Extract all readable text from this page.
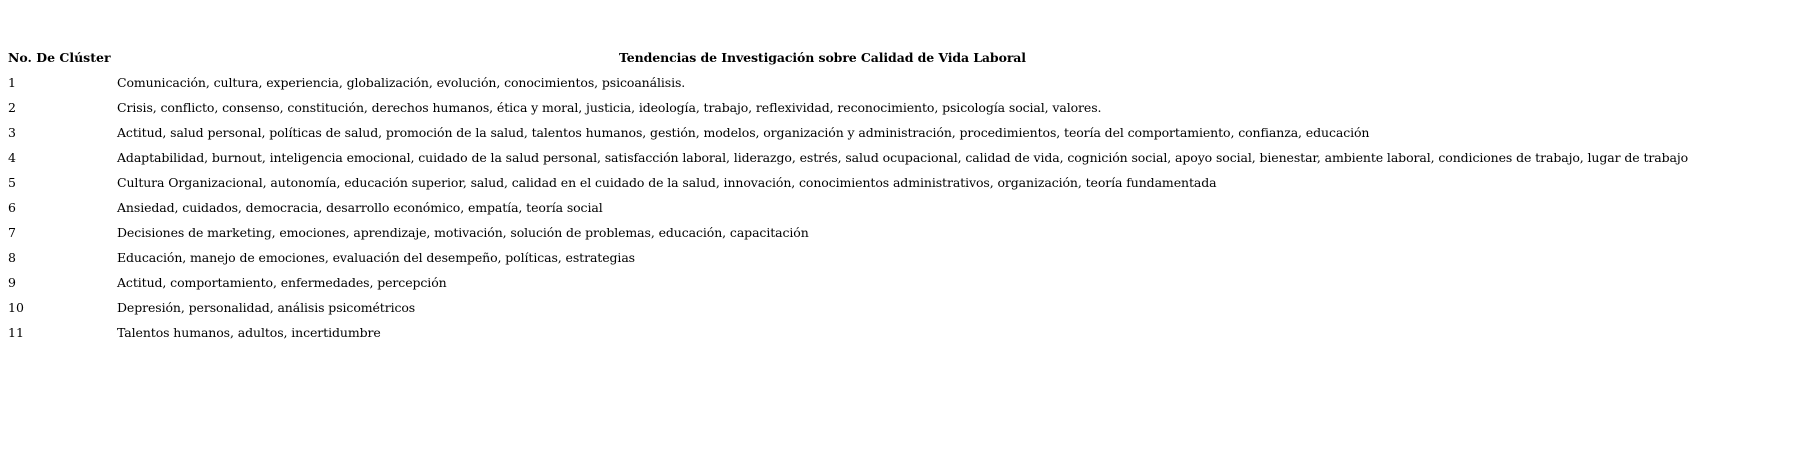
No. De Clúster	Tendencias de Investigación sobre Calidad de Vida Laboral
1	Comunicación, cultura, experiencia, globalización, evolución, conocimientos, psicoanálisis.
2	Crisis, conflicto, consenso, constitución, derechos humanos, ética y moral, justicia, ideología, trabajo, reflexividad, reconocimiento, psicología social, valores.
3	Actitud, salud personal, políticas de salud, promoción de la salud, talentos humanos, gestión, modelos, organización y administración, procedimientos, teoría del comportamiento, confianza, educación
4	Adaptabilidad, burnout, inteligencia emocional, cuidado de la salud personal, satisfacción laboral, liderazgo, estrés, salud ocupacional, calidad de vida, cognición social, apoyo social, bienestar, ambiente laboral, condiciones de trabajo, lugar de trabajo
5	Cultura Organizacional, autonomía, educación superior, salud, calidad en el cuidado de la salud, innovación, conocimientos administrativos, organización, teoría fundamentada
6	Ansiedad, cuidados, democracia, desarrollo económico, empatía, teoría social
7	Decisiones de marketing, emociones, aprendizaje, motivación, solución de problemas, educación, capacitación
8	Educación, manejo de emociones, evaluación del desempeño, políticas, estrategias
9	Actitud, comportamiento, enfermedades, percepción
10	Depresión, personalidad, análisis psicométricos
11	Talentos humanos, adultos, incertidumbre
